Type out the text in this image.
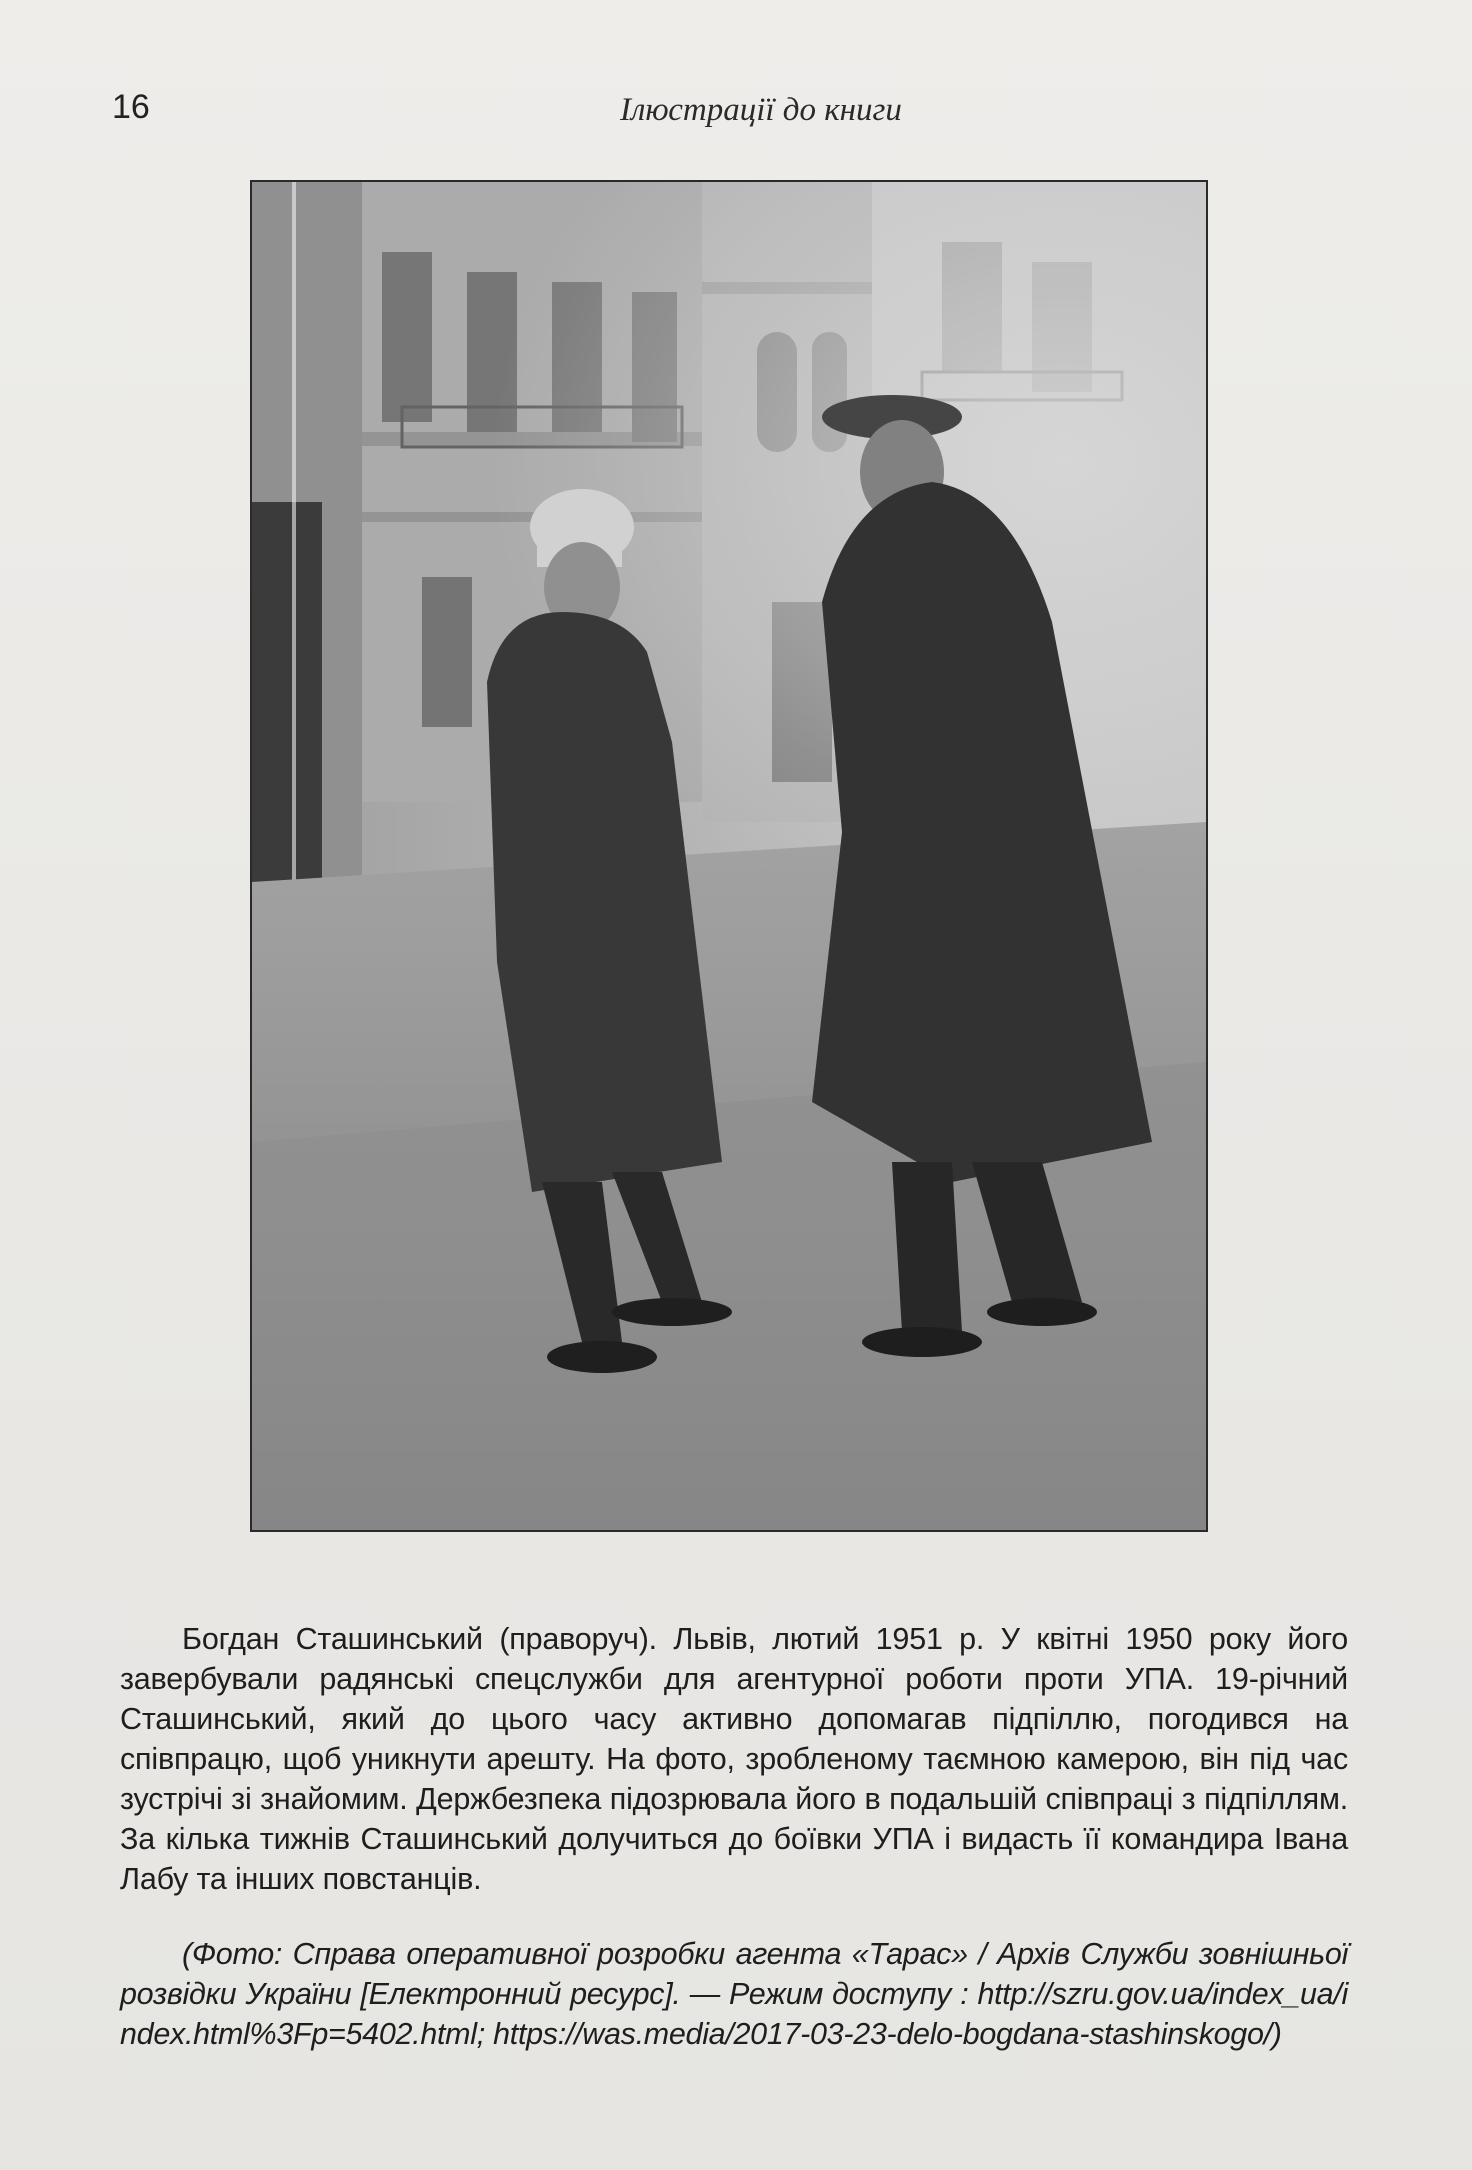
16	Ілюстрації до книги

Богдан Сташинський (праворуч). Львів, лютий 1951 р. У квітні 1950 року його завербували радянські спецслужби для агентурної роботи проти УПА. 19-річний Сташинський, який до цього часу активно допомагав підпіллю, погодився на співпрацю, щоб уникнути арешту. На фото, зробленому таємною камерою, він під час зустрічі зі знайомим. Держбезпека підозрювала його в подальшій співпраці з підпіллям. За кілька тижнів Сташинський долучиться до боївки УПА і видасть її командира Івана Лабу та інших повстанців.

(Фото: Справа оперативної розробки агента «Тарас» / Архів Служби зовнішньої розвідки України [Електронний ресурс]. — Режим доступу : http://szru.gov.ua/index_ua/index.html%3Fp=5402.html; https://was.media/2017-03-23-delo-bogdana-stashinskogo/)
